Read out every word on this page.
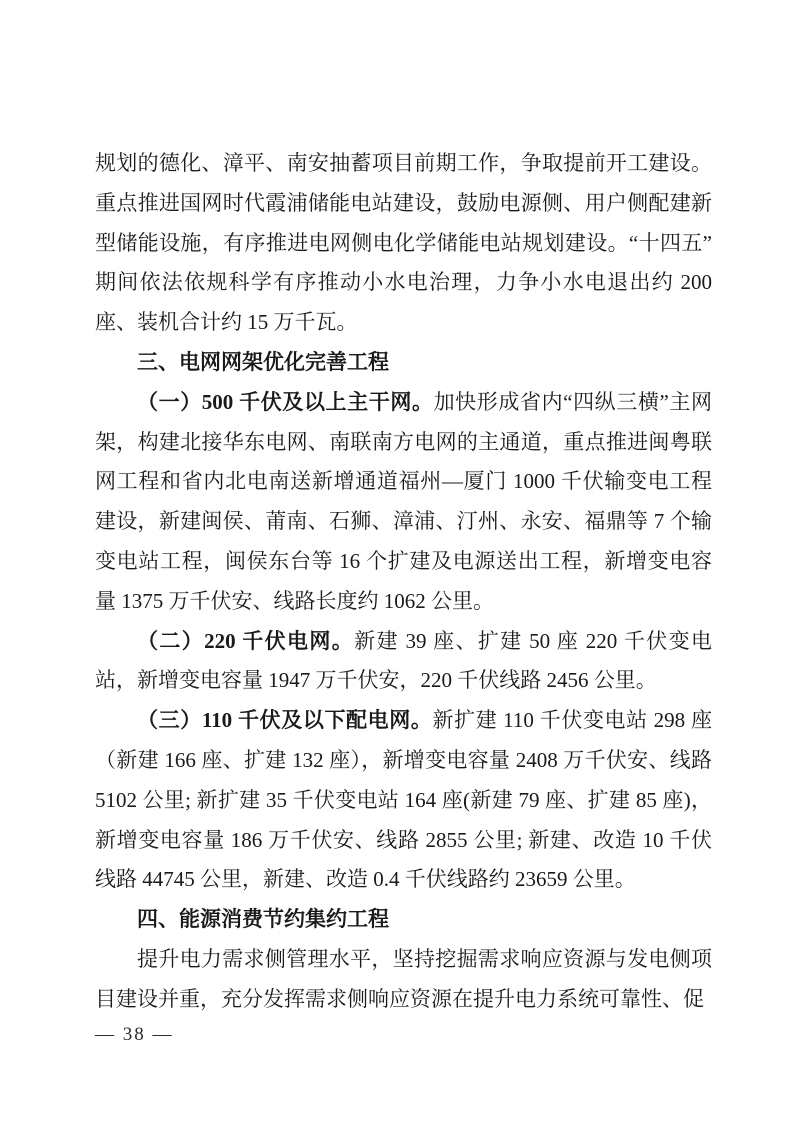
规划的德化、漳平、南安抽蓄项目前期工作，争取提前开工建设。重点推进国网时代霞浦储能电站建设，鼓励电源侧、用户侧配建新型储能设施，有序推进电网侧电化学储能电站规划建设。“十四五”期间依法依规科学有序推动小水电治理，力争小水电退出约 200 座、装机合计约 15 万千瓦。

三、电网网架优化完善工程

（一）500 千伏及以上主干网。加快形成省内“四纵三横”主网架，构建北接华东电网、南联南方电网的主通道，重点推进闽粤联网工程和省内北电南送新增通道福州—厦门 1000 千伏输变电工程建设，新建闽侯、莆南、石狮、漳浦、汀州、永安、福鼎等 7 个输变电站工程，闽侯东台等 16 个扩建及电源送出工程，新增变电容量 1375 万千伏安、线路长度约 1062 公里。

（二）220 千伏电网。新建 39 座、扩建 50 座 220 千伏变电站，新增变电容量 1947 万千伏安，220 千伏线路 2456 公里。

（三）110 千伏及以下配电网。新扩建 110 千伏变电站 298 座（新建 166 座、扩建 132 座），新增变电容量 2408 万千伏安、线路 5102 公里; 新扩建 35 千伏变电站 164 座(新建 79 座、扩建 85 座)，新增变电容量 186 万千伏安、线路 2855 公里; 新建、改造 10 千伏线路 44745 公里，新建、改造 0.4 千伏线路约 23659 公里。

四、能源消费节约集约工程

提升电力需求侧管理水平，坚持挖掘需求响应资源与发电侧项目建设并重，充分发挥需求侧响应资源在提升电力系统可靠性、促

— 38 —
